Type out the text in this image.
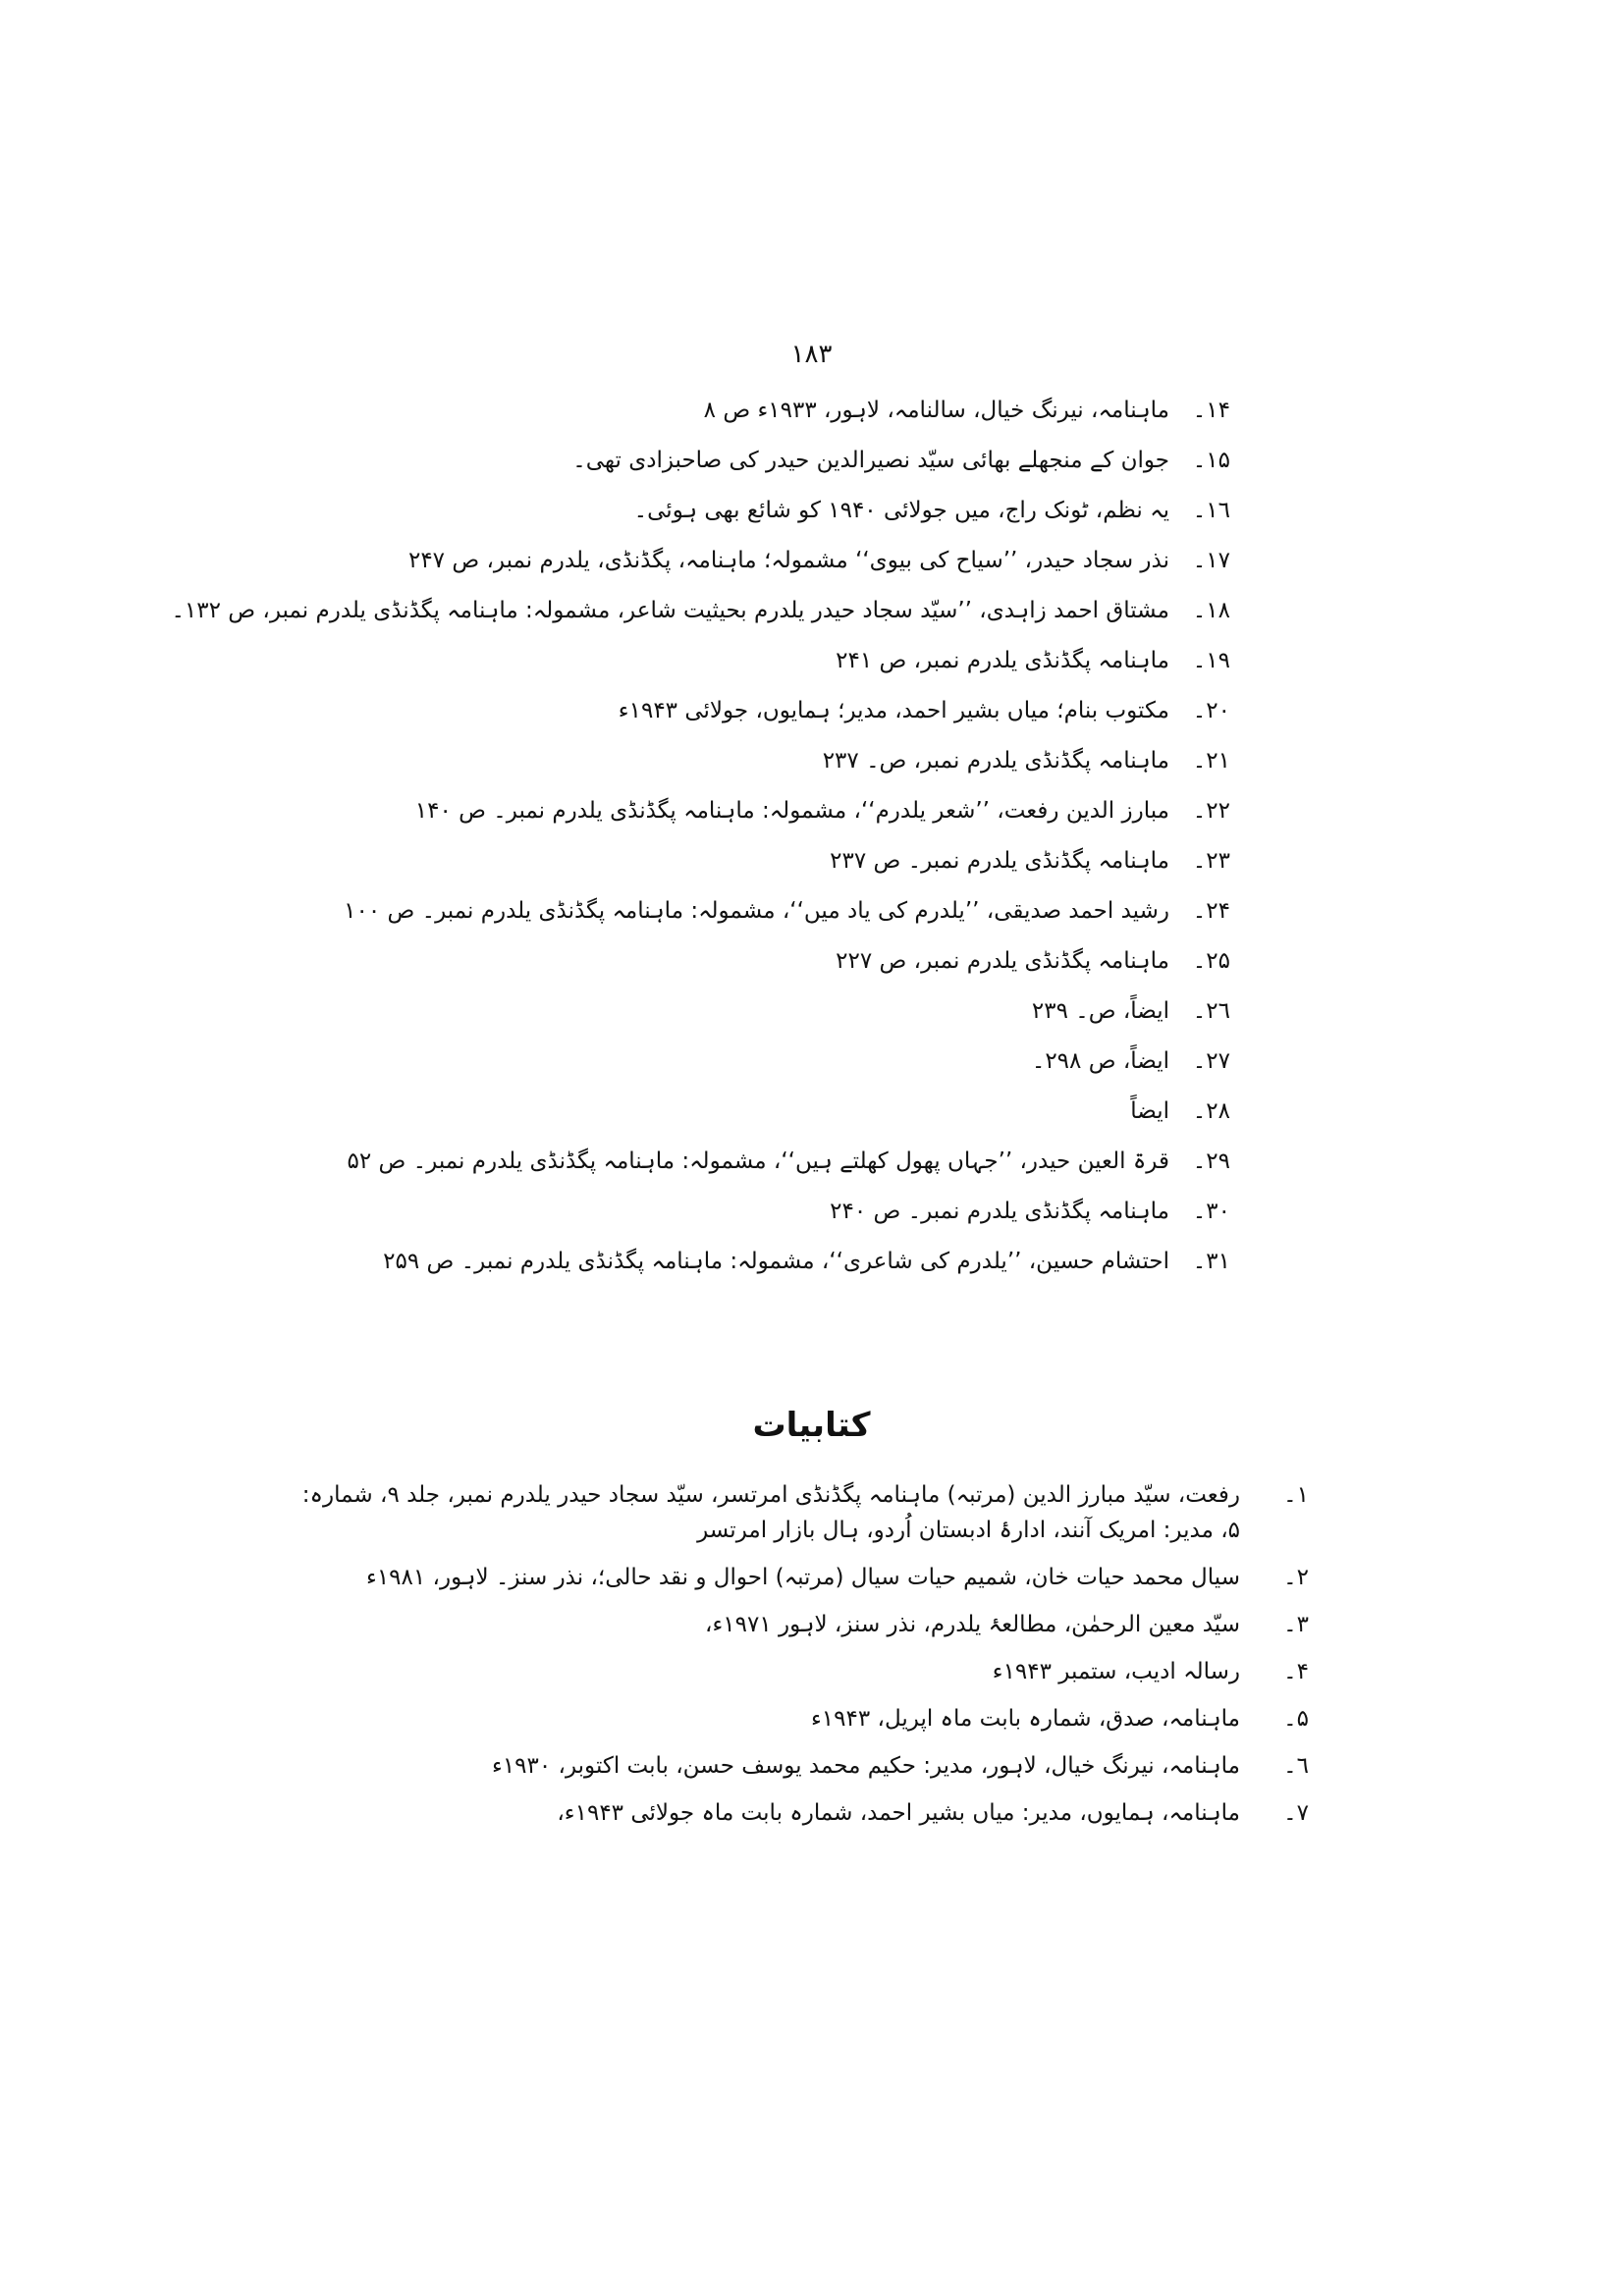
١٨٣
١۴۔
ماہنامہ، نیرنگ خیال، سالنامہ، لاہور، ۱۹۳۳ء ص ۸
١۵۔
جوان کے منجھلے بھائی سیّد نصیرالدین حیدر کی صاحبزادی تھی۔
١٦۔
یہ نظم، ٹونک راج، میں جولائی ۱۹۴۰ کو شائع بھی ہوئی۔
١٧۔
نذر سجاد حیدر، ’’سیاح کی بیوی‘‘ مشمولہ؛ ماہنامہ، پگڈنڈی، یلدرم نمبر، ص ۲۴۷
١٨۔
مشتاق احمد زاہدی، ’’سیّد سجاد حیدر یلدرم بحیثیت شاعر، مشمولہ: ماہنامہ پگڈنڈی یلدرم نمبر، ص ۱۳۲۔
١٩۔
ماہنامہ پگڈنڈی یلدرم نمبر، ص ۲۴۱
٢٠۔
مکتوب بنام؛ میاں بشیر احمد، مدیر؛ ہمایوں، جولائی ۱۹۴۳ء
٢١۔
ماہنامہ پگڈنڈی یلدرم نمبر، ص۔ ۲۳۷
٢٢۔
مبارز الدین رفعت، ’’شعر یلدرم‘‘، مشمولہ: ماہنامہ پگڈنڈی یلدرم نمبر۔ ص ۱۴۰
٢٣۔
ماہنامہ پگڈنڈی یلدرم نمبر۔ ص ۲۳۷
٢۴۔
رشید احمد صدیقی، ’’یلدرم کی یاد میں‘‘، مشمولہ: ماہنامہ پگڈنڈی یلدرم نمبر۔ ص ۱۰۰
٢۵۔
ماہنامہ پگڈنڈی یلدرم نمبر، ص ۲۲۷
٢٦۔
ایضاً، ص۔ ۲۳۹
٢٧۔
ایضاً، ص ۲۹۸۔
٢٨۔
ایضاً
٢٩۔
قرۃ العین حیدر، ’’جہاں پھول کھلتے ہیں‘‘، مشمولہ: ماہنامہ پگڈنڈی یلدرم نمبر۔ ص ۵۲
٣٠۔
ماہنامہ پگڈنڈی یلدرم نمبر۔ ص ۲۴۰
٣١۔
احتشام حسین، ’’یلدرم کی شاعری‘‘، مشمولہ: ماہنامہ پگڈنڈی یلدرم نمبر۔ ص ۲۵۹
کتابیات
١۔
رفعت، سیّد مبارز الدین (مرتبہ) ماہنامہ پگڈنڈی امرتسر، سیّد سجاد حیدر یلدرم نمبر، جلد ۹، شمارہ: ۵، مدیر: امریک آنند، ادارۂ ادبستان اُردو، ہال بازار امرتسر
٢۔
سیال محمد حیات خان، شمیم حیات سیال (مرتبہ) احوال و نقد حالی؛، نذر سنز۔ لاہور، ۱۹۸۱ء
٣۔
سیّد معین الرحمٰن، مطالعۂ یلدرم، نذر سنز، لاہور ۱۹۷۱ء،
۴۔
رسالہ ادیب، ستمبر ۱۹۴۳ء
۵۔
ماہنامہ، صدق، شمارہ بابت ماہ اپریل، ۱۹۴۳ء
٦۔
ماہنامہ، نیرنگ خیال، لاہور، مدیر: حکیم محمد یوسف حسن، بابت اکتوبر، ۱۹۳۰ء
٧۔
ماہنامہ، ہمایوں، مدیر: میاں بشیر احمد، شمارہ بابت ماہ جولائی ۱۹۴۳ء،
